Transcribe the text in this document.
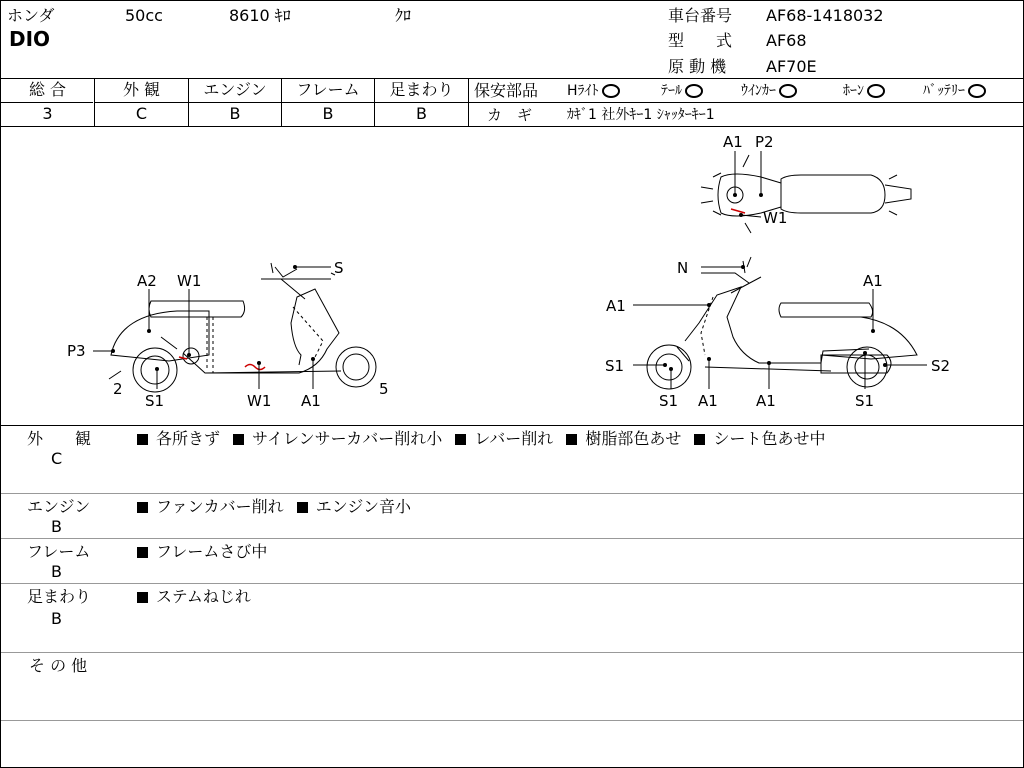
ホンダ	50cc	8610 ｷﾛ	ｸﾛ
DIO
車台番号 AF68-1418032
型　　式 AF68
原 動 機 AF70E
総 合	外 観	エンジン	フレーム	足まわり
3	C	B	B	B
保安部品 Hﾗｲﾄ	ﾃｰﾙ	ｳｲﾝｶｰ	ﾎｰﾝ	ﾊﾞｯﾃﾘｰ
カ　ギ ｶｷﾞ1 社外ｷｰ1 ｼｬｯﾀｰｷｰ1
A2 W1
S
P3
2
S1	W1 A1
5
N
A1
A1
S1
S1 A1	A1	S1
S2
A1 P2
W1
外　　観
C
各所きず サイレンサーカバー削れ小 レバー削れ 樹脂部色あせ シート色あせ中
エンジン
B
ファンカバー削れ エンジン音小
フレーム
B
フレームさび中
足まわり
B
ステムねじれ
そ の 他
